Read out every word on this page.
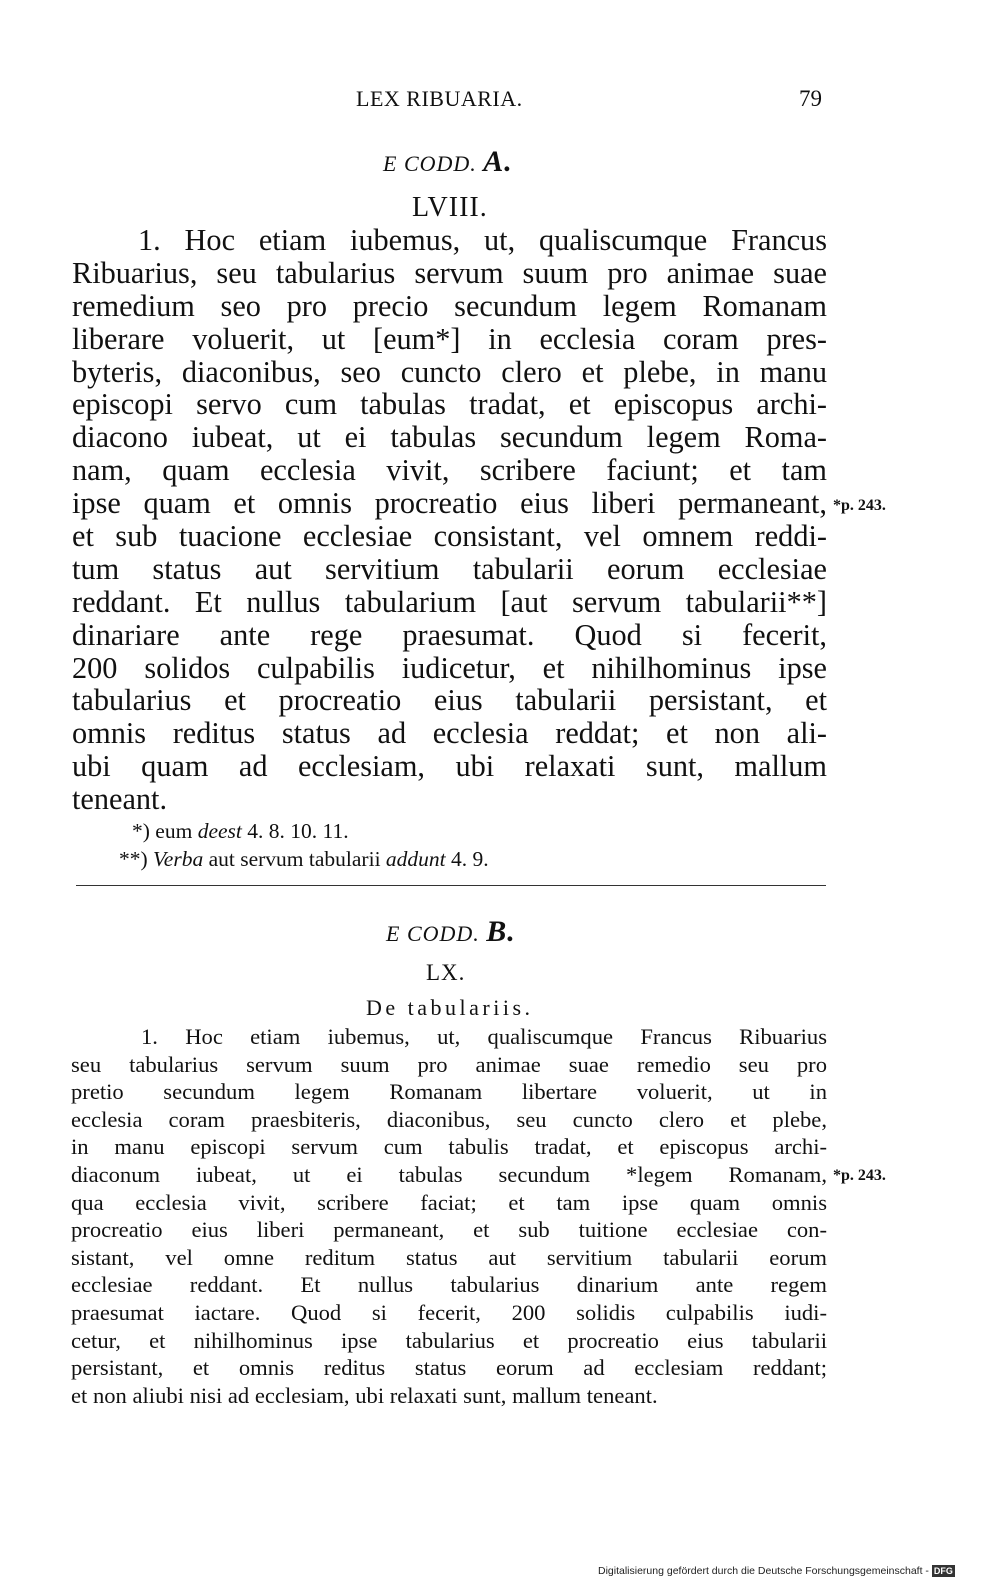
LEX RIBUARIA.	79
E CODD. A.
LVIII.
1. Hoc etiam iubemus, ut, qualiscumque Francus
Ribuarius, seu tabularius servum suum pro animae suae
remedium seo pro precio secundum legem Romanam
liberare voluerit, ut [eum*] in ecclesia coram pres-
byteris, diaconibus, seo cuncto clero et plebe, in manu
episcopi servo cum tabulas tradat, et episcopus archi-
diacono iubeat, ut ei tabulas secundum legem Roma-
nam, quam ecclesia vivit, scribere faciunt; et tam
ipse quam et omnis procreatio eius liberi permaneant,
et sub tuacione ecclesiae consistant, vel omnem reddi-
tum status aut servitium tabularii eorum ecclesiae
reddant. Et nullus tabularium [aut servum tabularii**]
dinariare ante rege praesumat. Quod si fecerit,
200 solidos culpabilis iudicetur, et nihilhominus ipse
tabularius et procreatio eius tabularii persistant, et
omnis reditus status ad ecclesia reddat; et non ali-
ubi quam ad ecclesiam, ubi relaxati sunt, mallum
teneant.
*p. 243.
*) eum deest 4. 8. 10. 11.
**) Verba aut servum tabularii addunt 4. 9.
E CODD. B.
LX.
De tabulariis.
1. Hoc etiam iubemus, ut, qualiscumque Francus Ribuarius
seu tabularius servum suum pro animae suae remedio seu pro
pretio secundum legem Romanam libertare voluerit, ut in
ecclesia coram praesbiteris, diaconibus, seu cuncto clero et plebe,
in manu episcopi servum cum tabulis tradat, et episcopus archi-
diaconum iubeat, ut ei tabulas secundum *legem Romanam,
qua ecclesia vivit, scribere faciat; et tam ipse quam omnis
procreatio eius liberi permaneant, et sub tuitione ecclesiae con-
sistant, vel omne reditum status aut servitium tabularii eorum
ecclesiae reddant. Et nullus tabularius dinarium ante regem
praesumat iactare. Quod si fecerit, 200 solidis culpabilis iudi-
cetur, et nihilhominus ipse tabularius et procreatio eius tabularii
persistant, et omnis reditus status eorum ad ecclesiam reddant;
et non aliubi nisi ad ecclesiam, ubi relaxati sunt, mallum teneant.
*p. 243.
Digitalisierung gefördert durch die Deutsche Forschungsgemeinschaft - DFG
